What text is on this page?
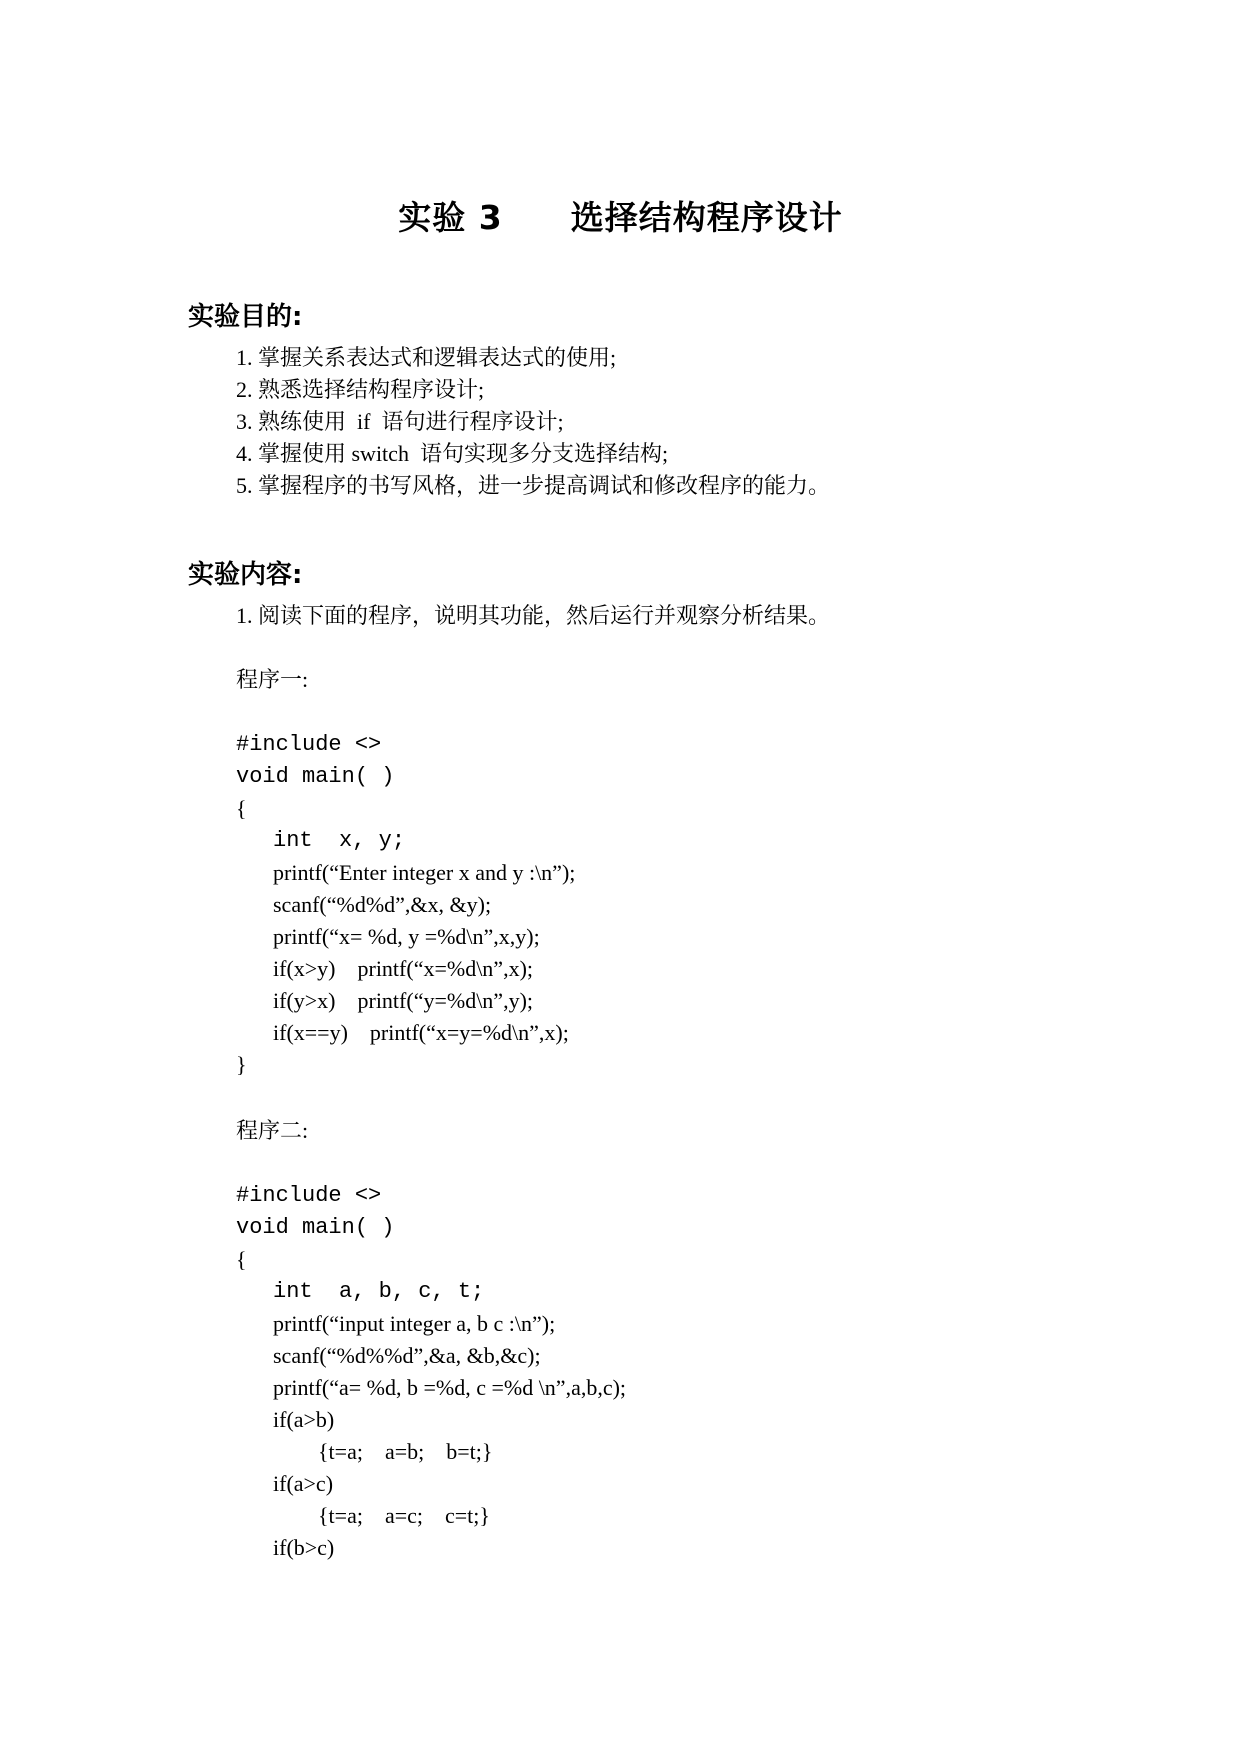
实验 3　　选择结构程序设计
实验目的:
1. 掌握关系表达式和逻辑表达式的使用;
2. 熟悉选择结构程序设计;
3. 熟练使用  if  语句进行程序设计;
4. 掌握使用 switch  语句实现多分支选择结构;
5. 掌握程序的书写风格，进一步提高调试和修改程序的能力。
实验内容:
1. 阅读下面的程序，说明其功能，然后运行并观察分析结果。
程序一:
#include <>
void main( )
{
int  x, y;
printf(“Enter integer x and y :\n”);
scanf(“%d%d”,&x, &y);
printf(“x= %d, y =%d\n”,x,y);
if(x>y)    printf(“x=%d\n”,x);
if(y>x)    printf(“y=%d\n”,y);
if(x==y)    printf(“x=y=%d\n”,x);
}
程序二:
#include <>
void main( )
{
int  a, b, c, t;
printf(“input integer a, b c :\n”);
scanf(“%d%%d”,&a, &b,&c);
printf(“a= %d, b =%d, c =%d \n”,a,b,c);
if(a>b)
{t=a;    a=b;    b=t;}
if(a>c)
{t=a;    a=c;    c=t;}
if(b>c)
